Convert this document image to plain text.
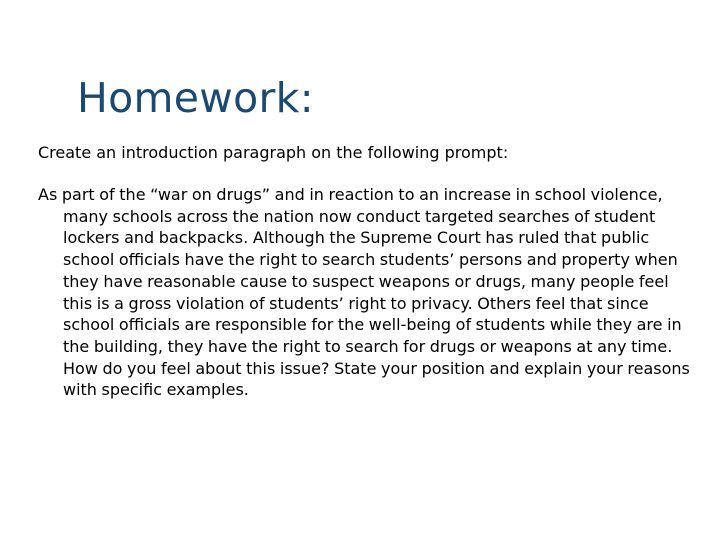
Homework:

Create an introduction paragraph on the following prompt:

As part of the “war on drugs” and in reaction to an increase in school violence, many schools across the nation now conduct targeted searches of student lockers and backpacks. Although the Supreme Court has ruled that public school officials have the right to search students’ persons and property when they have reasonable cause to suspect weapons or drugs, many people feel this is a gross violation of students’ right to privacy. Others feel that since school officials are responsible for the well-being of students while they are in the building, they have the right to search for drugs or weapons at any time. How do you feel about this issue? State your position and explain your reasons with specific examples.
